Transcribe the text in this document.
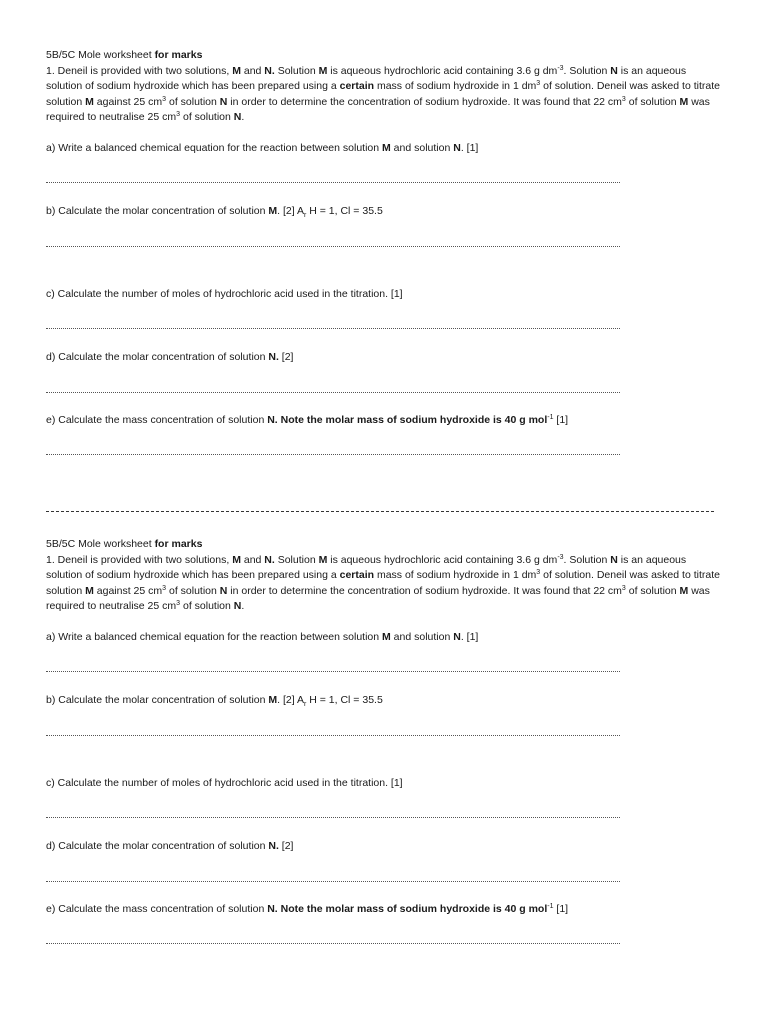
5B/5C Mole worksheet for marks

1. Deneil is provided with two solutions, M and N. Solution M is aqueous hydrochloric acid containing 3.6 g $dm^{-3}$. Solution N is an aqueous solution of sodium hydroxide which has been prepared using a certain mass of sodium hydroxide in 1 $dm^3$ of solution. Deneil was asked to titrate solution M against 25 $cm^3$ of solution N in order to determine the concentration of sodium hydroxide. It was found that 22 $cm^3$ of solution M was required to neutralise 25 $cm^3$ of solution N.

a) Write a balanced chemical equation for the reaction between solution M and solution N. [1]

b) Calculate the molar concentration of solution M. [2] $A_r$ H = 1, Cl = 35.5

c) Calculate the number of moles of hydrochloric acid used in the titration. [1]

d) Calculate the molar concentration of solution N. [2]

e) Calculate the mass concentration of solution N. Note the molar mass of sodium hydroxide is 40 g mol$^{-1}$ [1]

5B/5C Mole worksheet for marks

1. Deneil is provided with two solutions, M and N. Solution M is aqueous hydrochloric acid containing 3.6 g $dm^{-3}$. Solution N is an aqueous solution of sodium hydroxide which has been prepared using a certain mass of sodium hydroxide in 1 $dm^3$ of solution. Deneil was asked to titrate solution M against 25 $cm^3$ of solution N in order to determine the concentration of sodium hydroxide. It was found that 22 $cm^3$ of solution M was required to neutralise 25 $cm^3$ of solution N.

a) Write a balanced chemical equation for the reaction between solution M and solution N. [1]

b) Calculate the molar concentration of solution M. [2] $A_r$ H = 1, Cl = 35.5

c) Calculate the number of moles of hydrochloric acid used in the titration. [1]

d) Calculate the molar concentration of solution N. [2]

e) Calculate the mass concentration of solution N. Note the molar mass of sodium hydroxide is 40 g mol$^{-1}$ [1]
